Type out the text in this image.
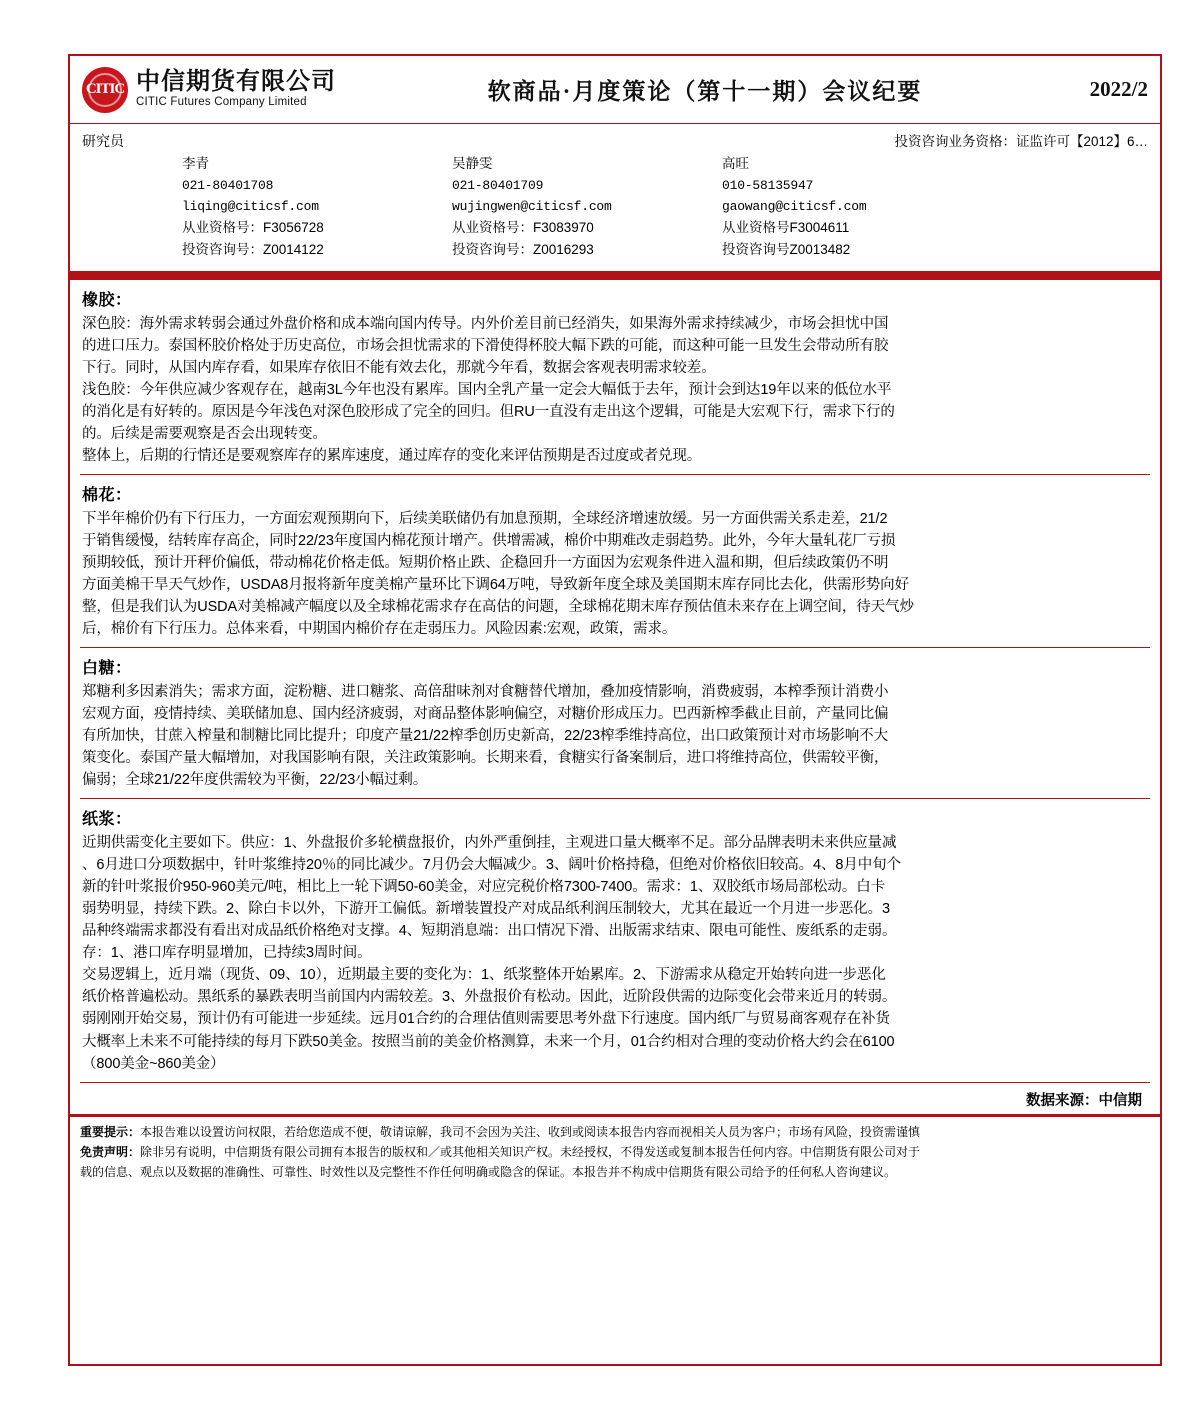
CITIC 中信期货有限公司
CITIC Futures Company Limited	软商品·月度策论（第十一期）会议纪要	2022/2
研究员	投资咨询业务资格：证监许可【2012】6…
李青
021-80401708
liqing@citicsf.com
从业资格号：F3056728
投资咨询号：Z0014122
吴静雯
021-80401709
wujingwen@citicsf.com
从业资格号：F3083970
投资咨询号：Z0016293
高旺
010-58135947
gaowang@citicsf.com
从业资格号F3004611
投资咨询号Z0013482
橡胶：
深色胶：海外需求转弱会通过外盘价格和成本端向国内传导。内外价差目前已经消失，如果海外需求持续减少，市场会担忧中国
的进口压力。泰国杯胶价格处于历史高位，市场会担忧需求的下滑使得杯胶大幅下跌的可能，而这种可能一旦发生会带动所有胶
下行。同时，从国内库存看，如果库存依旧不能有效去化，那就今年看，数据会客观表明需求较差。
浅色胶：今年供应减少客观存在，越南3L今年也没有累库。国内全乳产量一定会大幅低于去年，预计会到达19年以来的低位水平
的消化是有好转的。原因是今年浅色对深色胶形成了完全的回归。但RU一直没有走出这个逻辑，可能是大宏观下行，需求下行的
的。后续是需要观察是否会出现转变。
整体上，后期的行情还是要观察库存的累库速度，通过库存的变化来评估预期是否过度或者兑现。
棉花：
下半年棉价仍有下行压力，一方面宏观预期向下，后续美联储仍有加息预期，全球经济增速放缓。另一方面供需关系走差，21/2
于销售缓慢，结转库存高企，同时22/23年度国内棉花预计增产。供增需减，棉价中期难改走弱趋势。此外，今年大量轧花厂亏损
预期较低，预计开秤价偏低，带动棉花价格走低。短期价格止跌、企稳回升一方面因为宏观条件进入温和期，但后续政策仍不明
方面美棉干旱天气炒作，USDA8月报将新年度美棉产量环比下调64万吨，导致新年度全球及美国期末库存同比去化，供需形势向好
整，但是我们认为USDA对美棉减产幅度以及全球棉花需求存在高估的问题，全球棉花期末库存预估值未来存在上调空间，待天气炒
后，棉价有下行压力。总体来看，中期国内棉价存在走弱压力。风险因素:宏观，政策，需求。
白糖：
郑糖利多因素消失；需求方面，淀粉糖、进口糖浆、高倍甜味剂对食糖替代增加，叠加疫情影响，消费疲弱，本榨季预计消费小
宏观方面，疫情持续、美联储加息、国内经济疲弱，对商品整体影响偏空，对糖价形成压力。巴西新榨季截止目前，产量同比偏
有所加快，甘蔗入榨量和制糖比同比提升；印度产量21/22榨季创历史新高，22/23榨季维持高位，出口政策预计对市场影响不大
策变化。泰国产量大幅增加，对我国影响有限，关注政策影响。长期来看，食糖实行备案制后，进口将维持高位，供需较平衡，
偏弱；全球21/22年度供需较为平衡，22/23小幅过剩。
纸浆：
近期供需变化主要如下。供应：1、外盘报价多轮横盘报价，内外严重倒挂，主观进口量大概率不足。部分品牌表明未来供应量减
、6月进口分项数据中，针叶浆维持20％的同比减少。7月仍会大幅减少。3、阔叶价格持稳，但绝对价格依旧较高。4、8月中旬个
新的针叶浆报价950-960美元/吨，相比上一轮下调50-60美金，对应完税价格7300-7400。需求：1、双胶纸市场局部松动。白卡
弱势明显，持续下跌。2、除白卡以外，下游开工偏低。新增装置投产对成品纸利润压制较大，尤其在最近一个月进一步恶化。3
品种终端需求都没有看出对成品纸价格绝对支撑。4、短期消息端：出口情况下滑、出版需求结束、限电可能性、废纸系的走弱。
存：1、港口库存明显增加，已持续3周时间。
交易逻辑上，近月端（现货、09、10），近期最主要的变化为：1、纸浆整体开始累库。2、下游需求从稳定开始转向进一步恶化
纸价格普遍松动。黑纸系的暴跌表明当前国内内需较差。3、外盘报价有松动。因此，近阶段供需的边际变化会带来近月的转弱。
弱刚刚开始交易，预计仍有可能进一步延续。远月01合约的合理估值则需要思考外盘下行速度。国内纸厂与贸易商客观存在补货
大概率上未来不可能持续的每月下跌50美金。按照当前的美金价格测算，未来一个月，01合约相对合理的变动价格大约会在6100
（800美金~860美金）
数据来源：中信期

重要提示：本报告难以设置访问权限，若给您造成不便，敬请谅解，我司不会因为关注、收到或阅读本报告内容而视相关人员为客户；市场有风险，投资需谨慎

免责声明：除非另有说明，中信期货有限公司拥有本报告的版权和／或其他相关知识产权。未经授权，不得发送或复制本报告任何内容。中信期货有限公司对于

载的信息、观点以及数据的准确性、可靠性、时效性以及完整性不作任何明确或隐含的保证。本报告并不构成中信期货有限公司给予的任何私人咨询建议。
